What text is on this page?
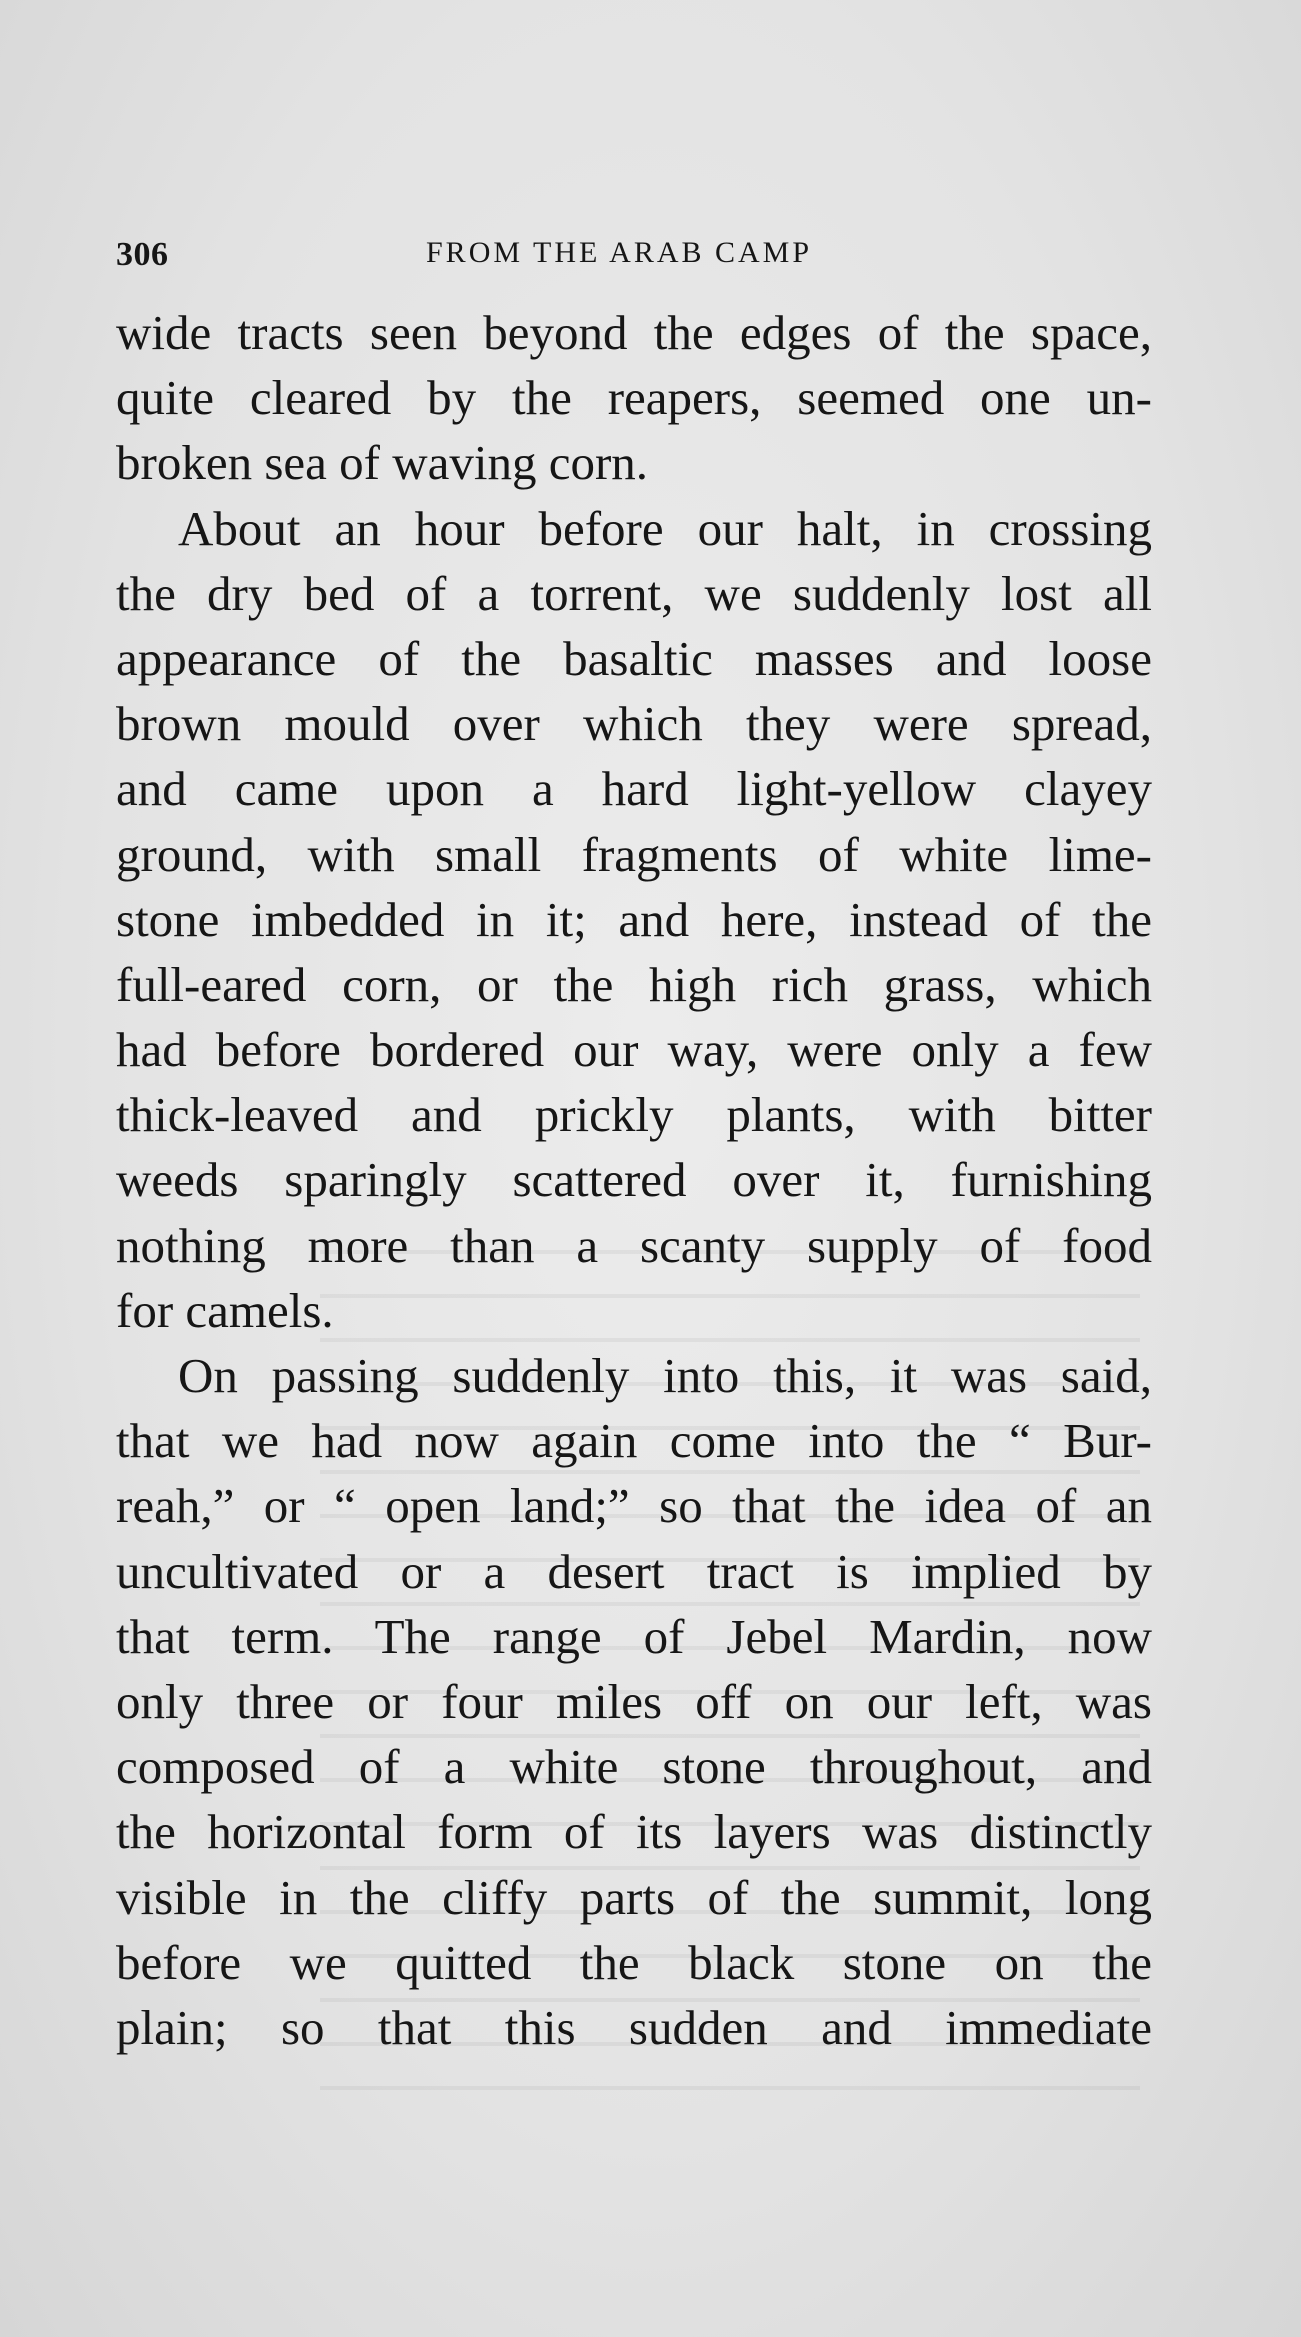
306	FROM THE ARAB CAMP
wide tracts seen beyond the edges of the space,
quite cleared by the reapers, seemed one un-
broken sea of waving corn.
About an hour before our halt, in crossing
the dry bed of a torrent, we suddenly lost all
appearance of the basaltic masses and loose
brown mould over which they were spread,
and came upon a hard light-yellow clayey
ground, with small fragments of white lime-
stone imbedded in it; and here, instead of the
full-eared corn, or the high rich grass, which
had before bordered our way, were only a few
thick-leaved and prickly plants, with bitter
weeds sparingly scattered over it, furnishing
nothing more than a scanty supply of food
for camels.
On passing suddenly into this, it was said,
that we had now again come into the “ Bur-
reah,” or “ open land;” so that the idea of an
uncultivated or a desert tract is implied by
that term. The range of Jebel Mardin, now
only three or four miles off on our left, was
composed of a white stone throughout, and
the horizontal form of its layers was distinctly
visible in the cliffy parts of the summit, long
before we quitted the black stone on the
plain; so that this sudden and immediate
